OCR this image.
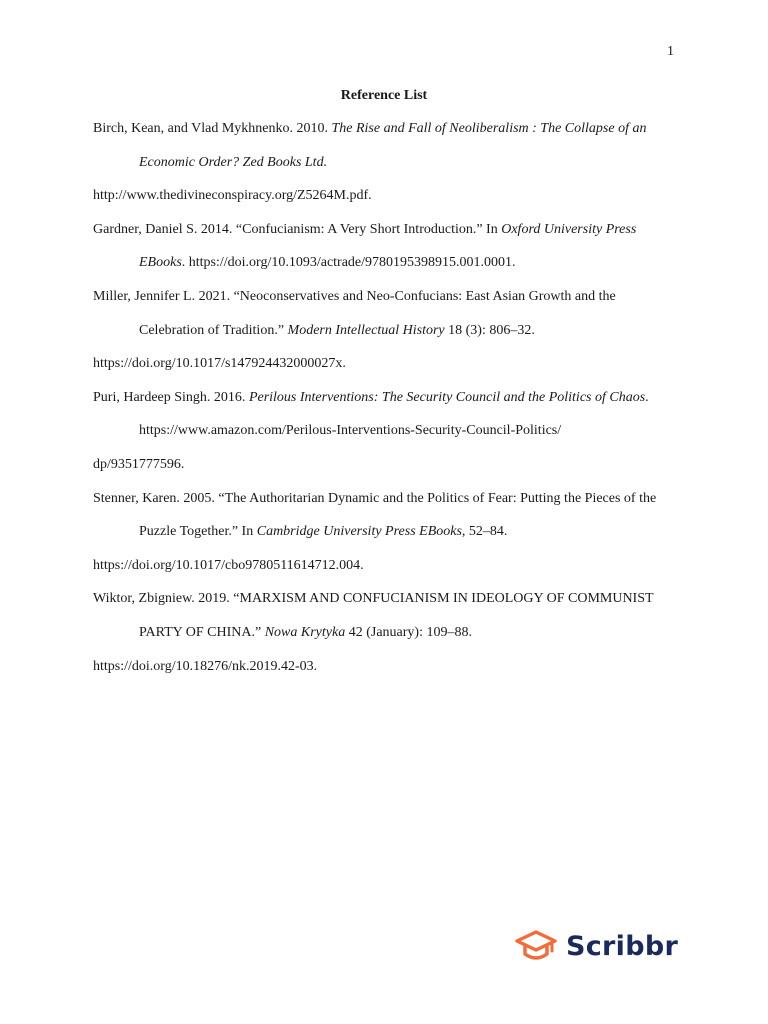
1
Reference List
Birch, Kean, and Vlad Mykhnenko. 2010. The Rise and Fall of Neoliberalism : The Collapse of an Economic Order? Zed Books Ltd.
http://www.thedivineconspiracy.org/Z5264M.pdf.
Gardner, Daniel S. 2014. “Confucianism: A Very Short Introduction.” In Oxford University Press EBooks. https://doi.org/10.1093/actrade/9780195398915.001.0001.
Miller, Jennifer L. 2021. “Neoconservatives and Neo-Confucians: East Asian Growth and the Celebration of Tradition.” Modern Intellectual History 18 (3): 806–32.
https://doi.org/10.1017/s147924432000027x.
Puri, Hardeep Singh. 2016. Perilous Interventions: The Security Council and the Politics of Chaos. https://www.amazon.com/Perilous-Interventions-Security-Council-Politics/
dp/9351777596.
Stenner, Karen. 2005. “The Authoritarian Dynamic and the Politics of Fear: Putting the Pieces of the Puzzle Together.” In Cambridge University Press EBooks, 52–84.
https://doi.org/10.1017/cbo9780511614712.004.
Wiktor, Zbigniew. 2019. “MARXISM AND CONFUCIANISM IN IDEOLOGY OF COMMUNIST PARTY OF CHINA.” Nowa Krytyka 42 (January): 109–88.
https://doi.org/10.18276/nk.2019.42-03.
Scribbr
